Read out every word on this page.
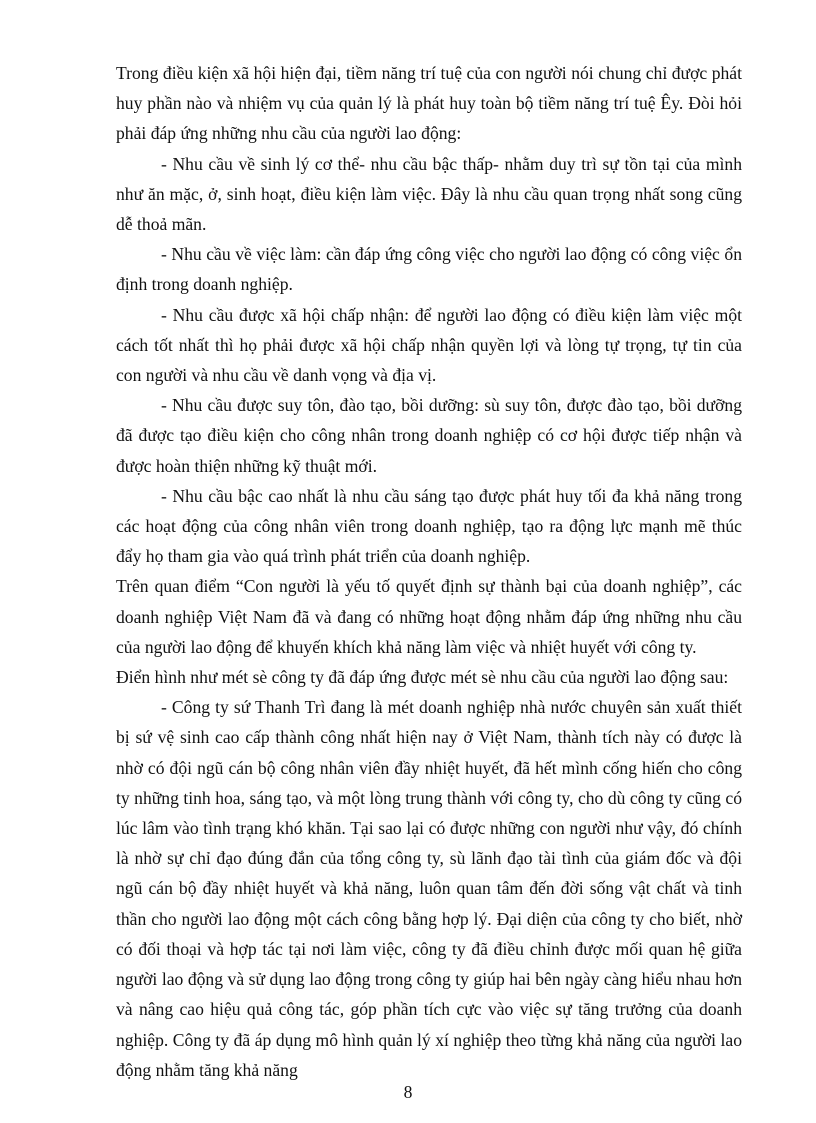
Trong điều kiện xã hội hiện đại, tiềm năng trí tuệ của con người nói chung chỉ được phát huy phần nào và nhiệm vụ của quản lý là phát huy toàn bộ tiềm năng trí tuệ Êy. Đòi hỏi phải đáp ứng những nhu cầu của người lao động:

- Nhu cầu về sinh lý cơ thể- nhu cầu bậc thấp- nhằm duy trì sự tồn tại của mình như ăn mặc, ở, sinh hoạt, điều kiện làm việc. Đây là nhu cầu quan trọng nhất song cũng dễ thoả mãn.

- Nhu cầu về việc làm: cần đáp ứng công việc cho người lao động có công việc ổn định trong doanh nghiệp.

- Nhu cầu được xã hội chấp nhận: để người lao động có điều kiện làm việc một cách tốt nhất thì họ phải được xã hội chấp nhận quyền lợi và lòng tự trọng, tự tin của con người và nhu cầu về danh vọng và địa vị.

- Nhu cầu được suy tôn, đào tạo, bồi dưỡng: sù suy tôn, được đào tạo, bồi dưỡng đã được tạo điều kiện cho công nhân trong doanh nghiệp có cơ hội được tiếp nhận và được hoàn thiện những kỹ thuật mới.

- Nhu cầu bậc cao nhất là nhu cầu sáng tạo được phát huy tối đa khả năng trong các hoạt động của công nhân viên trong doanh nghiệp, tạo ra động lực mạnh mẽ thúc đẩy họ tham gia vào quá trình phát triển của doanh nghiệp.

Trên quan điểm “Con người là yếu tố quyết định sự thành bại của doanh nghiệp”, các doanh nghiệp Việt Nam đã và đang có những hoạt động nhằm đáp ứng những nhu cầu của người lao động để khuyến khích khả năng làm việc và nhiệt huyết với công ty.

Điển hình như mét sè công ty đã đáp ứng được mét sè nhu cầu của người lao động sau:

- Công ty sứ Thanh Trì đang là mét doanh nghiệp nhà nước chuyên sản xuất thiết bị sứ vệ sinh cao cấp thành công nhất hiện nay ở Việt Nam, thành tích này có được là nhờ có đội ngũ cán bộ công nhân viên đầy nhiệt huyết, đã hết mình cống hiến cho công ty những tinh hoa, sáng tạo, và một lòng trung thành với công ty, cho dù công ty cũng có lúc lâm vào tình trạng khó khăn. Tại sao lại có được những con người như vậy, đó chính là nhờ sự chỉ đạo đúng đắn của tổng công ty, sù lãnh đạo tài tình của giám đốc và đội ngũ cán bộ đầy nhiệt huyết và khả năng, luôn quan tâm đến đời sống vật chất và tinh thần cho người lao động một cách công bằng hợp lý. Đại diện của công ty cho biết, nhờ có đối thoại và hợp tác tại nơi làm việc, công ty đã điều chỉnh được mối quan hệ giữa người lao động và sử dụng lao động trong công ty giúp hai bên ngày càng hiểu nhau hơn và nâng cao hiệu quả công tác, góp phần tích cực vào việc sự tăng trưởng của doanh nghiệp. Công ty đã áp dụng mô hình quản lý xí nghiệp theo từng khả năng của người lao động nhằm tăng khả năng

8
